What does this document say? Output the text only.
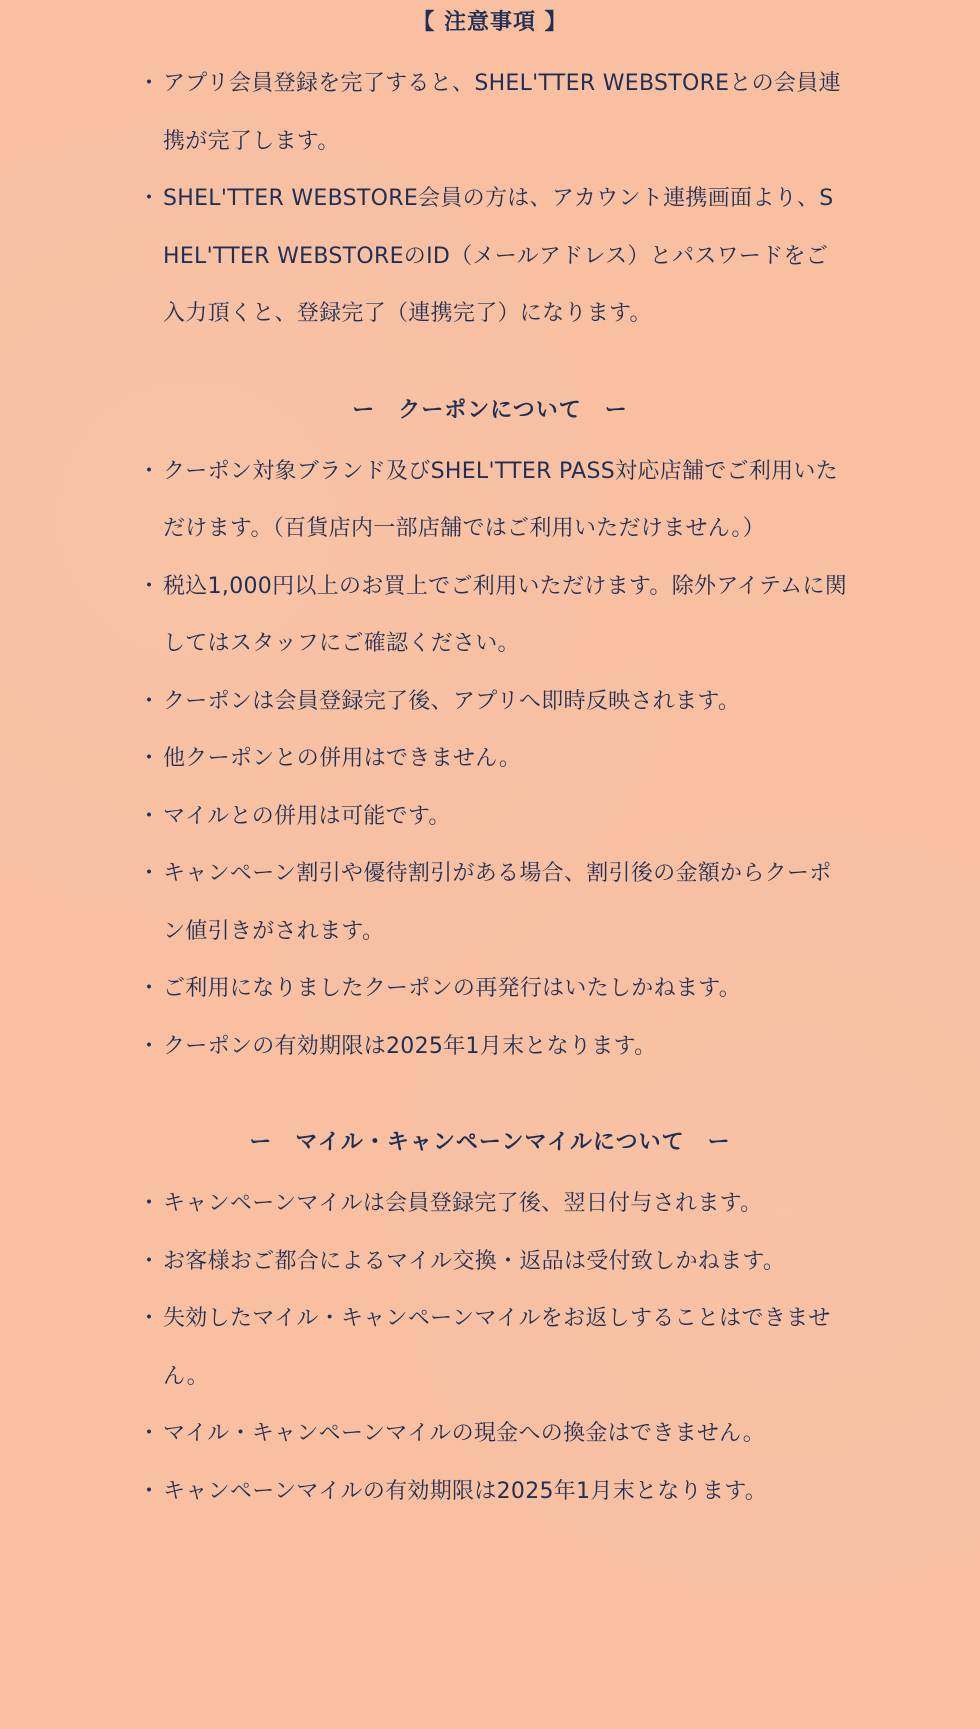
【 注意事項 】
・ アプリ会員登録を完了すると、SHEL'TTER WEBSTOREとの会員連携が完了します。
・ SHEL'TTER WEBSTORE会員の方は、アカウント連携画面より、SHEL'TTER WEBSTOREのID（メールアドレス）とパスワードをご入力頂くと、登録完了（連携完了）になります。
ー　クーポンについて　ー
・ クーポン対象ブランド及びSHEL'TTER PASS対応店舗でご利用いただけます。（百貨店内一部店舗ではご利用いただけません。）
・ 税込1,000円以上のお買上でご利用いただけます。除外アイテムに関してはスタッフにご確認ください。
・ クーポンは会員登録完了後、アプリへ即時反映されます。
・ 他クーポンとの併用はできません。
・ マイルとの併用は可能です。
・ キャンペーン割引や優待割引がある場合、割引後の金額からクーポン値引きがされます。
・ ご利用になりましたクーポンの再発行はいたしかねます。
・ クーポンの有効期限は2025年1月末となります。
ー　マイル・キャンペーンマイルについて　ー
・ キャンペーンマイルは会員登録完了後、翌日付与されます。
・ お客様おご都合によるマイル交換・返品は受付致しかねます。
・ 失効したマイル・キャンペーンマイルをお返しすることはできません。
・ マイル・キャンペーンマイルの現金への換金はできません。
・ キャンペーンマイルの有効期限は2025年1月末となります。
